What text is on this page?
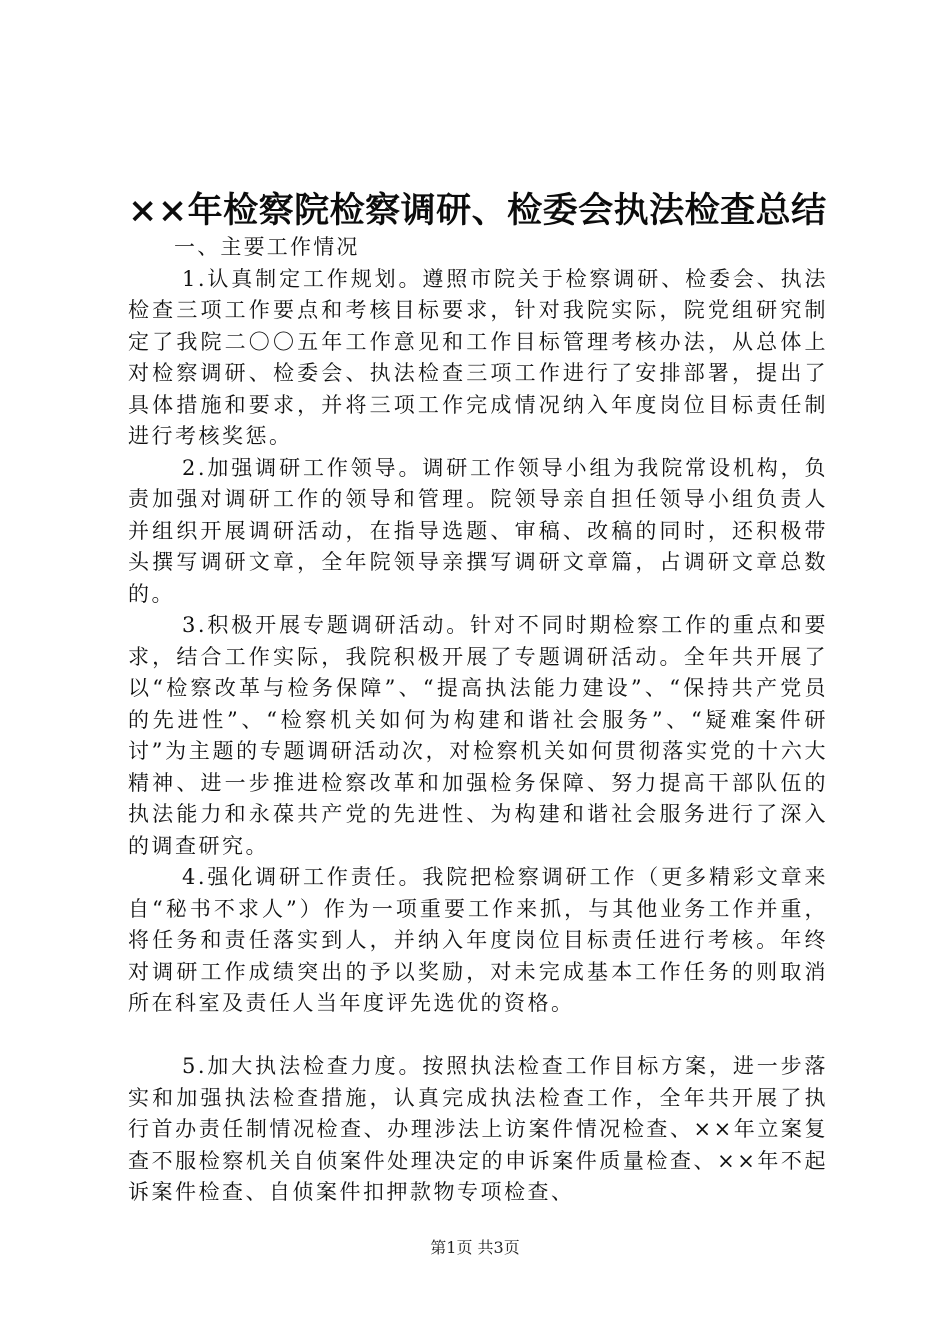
××年检察院检察调研、检委会执法检查总结

一、主要工作情况

1.认真制定工作规划。遵照市院关于检察调研、检委会、执法检查三项工作要点和考核目标要求，针对我院实际，院党组研究制定了我院二〇〇五年工作意见和工作目标管理考核办法，从总体上对检察调研、检委会、执法检查三项工作进行了安排部署，提出了具体措施和要求，并将三项工作完成情况纳入年度岗位目标责任制进行考核奖惩。

2.加强调研工作领导。调研工作领导小组为我院常设机构，负责加强对调研工作的领导和管理。院领导亲自担任领导小组负责人并组织开展调研活动，在指导选题、审稿、改稿的同时，还积极带头撰写调研文章，全年院领导亲撰写调研文章篇，占调研文章总数的。

3.积极开展专题调研活动。针对不同时期检察工作的重点和要求，结合工作实际，我院积极开展了专题调研活动。全年共开展了以“检察改革与检务保障”、“提高执法能力建设”、“保持共产党员的先进性”、“检察机关如何为构建和谐社会服务”、“疑难案件研讨”为主题的专题调研活动次，对检察机关如何贯彻落实党的十六大精神、进一步推进检察改革和加强检务保障、努力提高干部队伍的执法能力和永葆共产党的先进性、为构建和谐社会服务进行了深入的调查研究。

4.强化调研工作责任。我院把检察调研工作（更多精彩文章来自“秘书不求人”）作为一项重要工作来抓，与其他业务工作并重，将任务和责任落实到人，并纳入年度岗位目标责任进行考核。年终对调研工作成绩突出的予以奖励，对未完成基本工作任务的则取消所在科室及责任人当年度评先选优的资格。

5.加大执法检查力度。按照执法检查工作目标方案，进一步落实和加强执法检查措施，认真完成执法检查工作，全年共开展了执行首办责任制情况检查、办理涉法上访案件情况检查、××年立案复查不服检察机关自侦案件处理决定的申诉案件质量检查、××年不起诉案件检查、自侦案件扣押款物专项检查、

第1页 共3页
